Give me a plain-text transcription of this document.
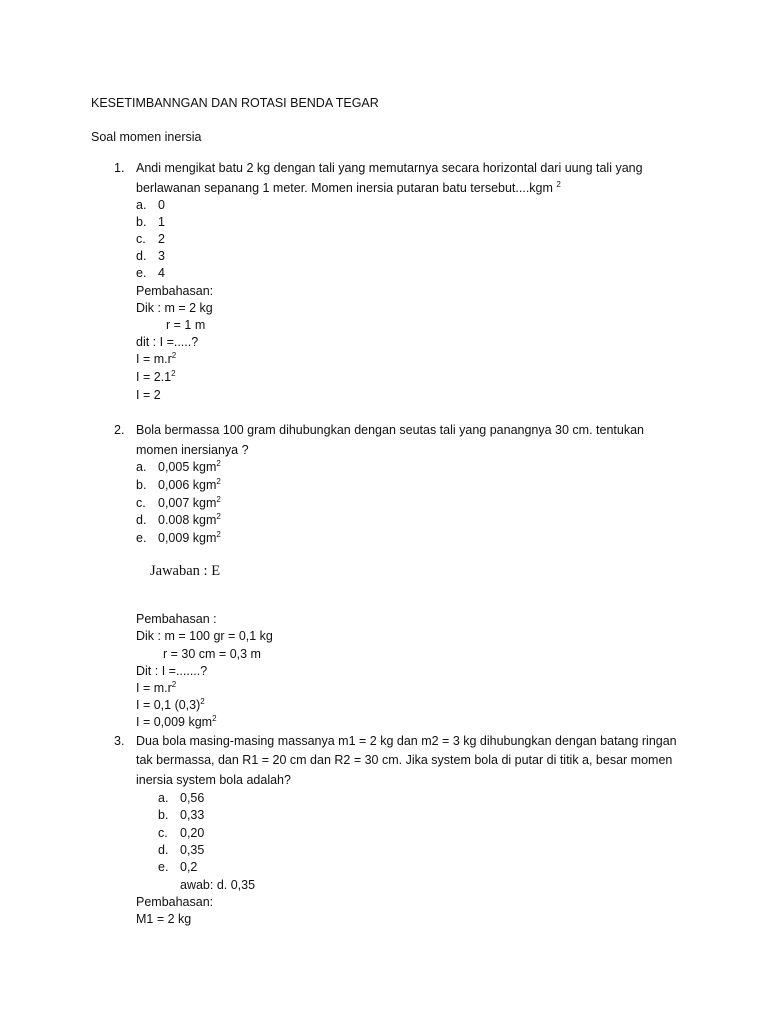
KESETIMBANNGAN DAN ROTASI BENDA TEGAR
Soal momen inersia
1. Andi mengikat batu 2 kg dengan tali yang memutarnya secara horizontal dari uung tali yang
berlawanan sepanang 1 meter. Momen inersia putaran batu tersebut....kgm $^2$
a. 0
b. 1
c. 2
d. 3
e. 4
Pembahasan:
Dik : m = 2 kg
r = 1 m
dit : I =.....?
$I = m.r^2$
$I = 2.1^2$
I = 2
2. Bola bermassa 100 gram dihubungkan dengan seutas tali yang panangnya 30 cm. tentukan
momen inersianya ?
a. 0,005 kgm$^2$
b. 0,006 kgm$^2$
c. 0,007 kgm$^2$
d. 0.008 kgm$^2$
e. 0,009 kgm$^2$
Jawaban : E
Pembahasan :
Dik : m = 100 gr = 0,1 kg
r = 30 cm = 0,3 m
Dit : I =.......?
$I = m.r^2$
I = 0,1 $(0,3)^2$
I = 0,009 kgm$^2$
3. Dua bola masing-masing massanya m1 = 2 kg dan m2 = 3 kg dihubungkan dengan batang ringan
tak bermassa, dan R1 = 20 cm dan R2 = 30 cm. Jika system bola di putar di titik a, besar momen
inersia system bola adalah?
a. 0,56
b. 0,33
c. 0,20
d. 0,35
e. 0,2
awab: d. 0,35
Pembahasan:
M1 = 2 kg
